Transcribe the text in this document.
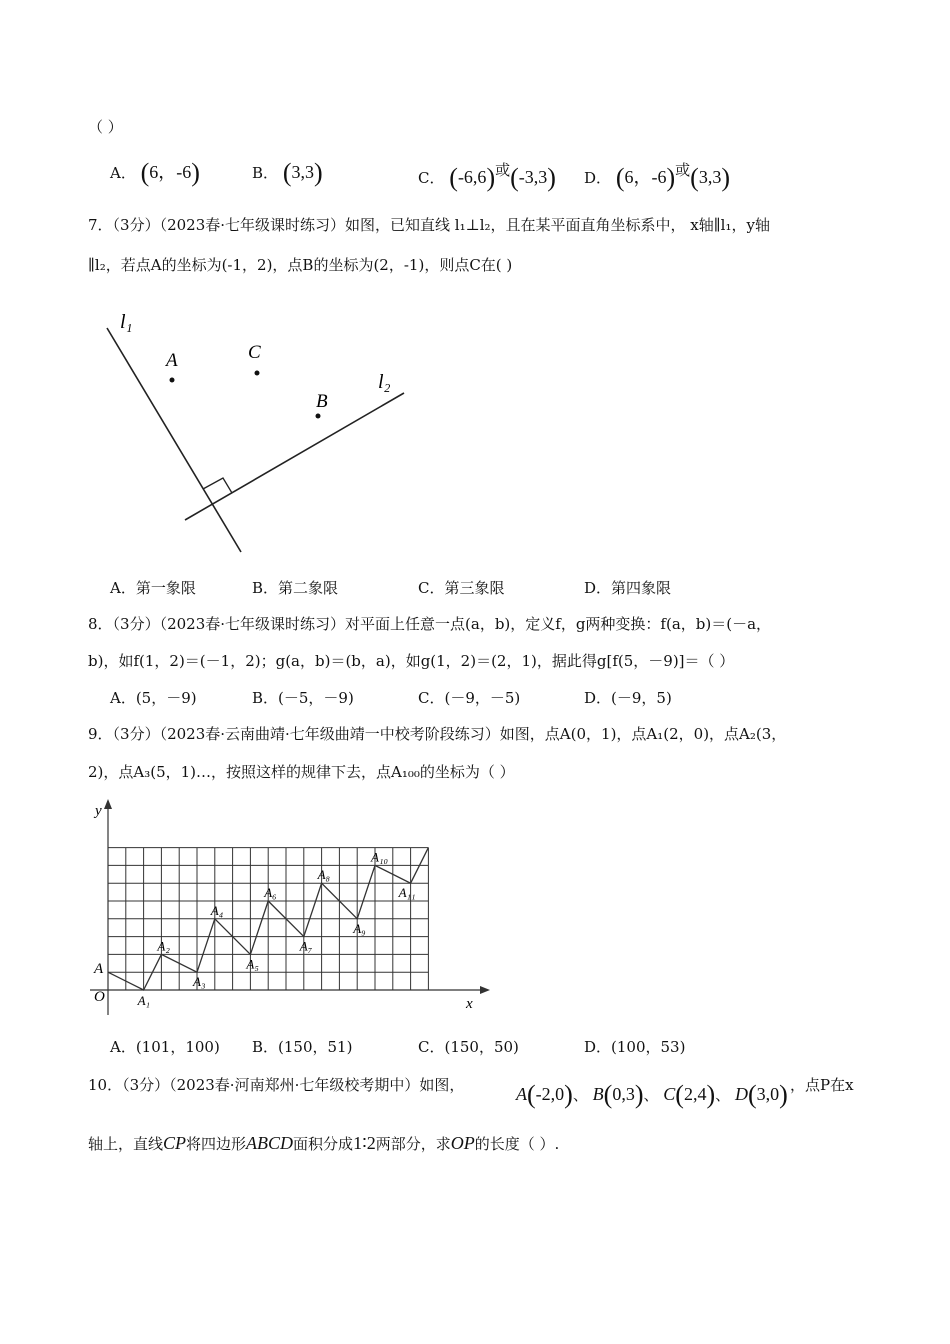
（ ）
A． (6，-6)	B． (3,3)	C． (-6,6)或(-3,3) D． (6，-6)或(3,3)
7．（3分）（2023春·七年级课时练习）如图，已知直线 l₁⊥l₂，且在某平面直角坐标系中， x轴∥l₁，y轴
∥l₂，若点A的坐标为(-1，2)，点B的坐标为(2，-1)，则点C在( )
l₁
l₂
A	C
B
A．第一象限	B．第二象限	C．第三象限	D．第四象限
8．（3分）（2023春·七年级课时练习）对平面上任意一点(a，b)，定义f，g两种变换：f(a，b)＝(－a，
b)，如f(1，2)＝(－1，2)；g(a，b)＝(b，a)，如g(1，2)＝(2，1)，据此得g[f(5，－9)]＝（ ）
A．(5，－9)	B．(－5，－9)	C．(－9，－5)	D．(－9，5)
9．（3分）（2023春·云南曲靖·七年级曲靖一中校考阶段练习）如图，点A(0，1)，点A₁(2，0)，点A₂(3，
2)，点A₃(5，1)…，按照这样的规律下去，点A₁₀₀的坐标为（ ）
y
x
O
A
A₁
A₂
A₃
A₄
A₅
A₆
A₇
A₈
A₉
A₁₀
A₁₁
A．(101，100) B．(150，51)	C．(150，50)	D．(100，53)
10．（3分）（2023春·河南郑州·七年级校考期中）如图，	A(-2,0)、 B(0,3)、 C(2,4)、 D(3,0) ，点P在x
轴上，直线CP将四边形ABCD面积分成1∶2两部分，求OP的长度（ ）.
